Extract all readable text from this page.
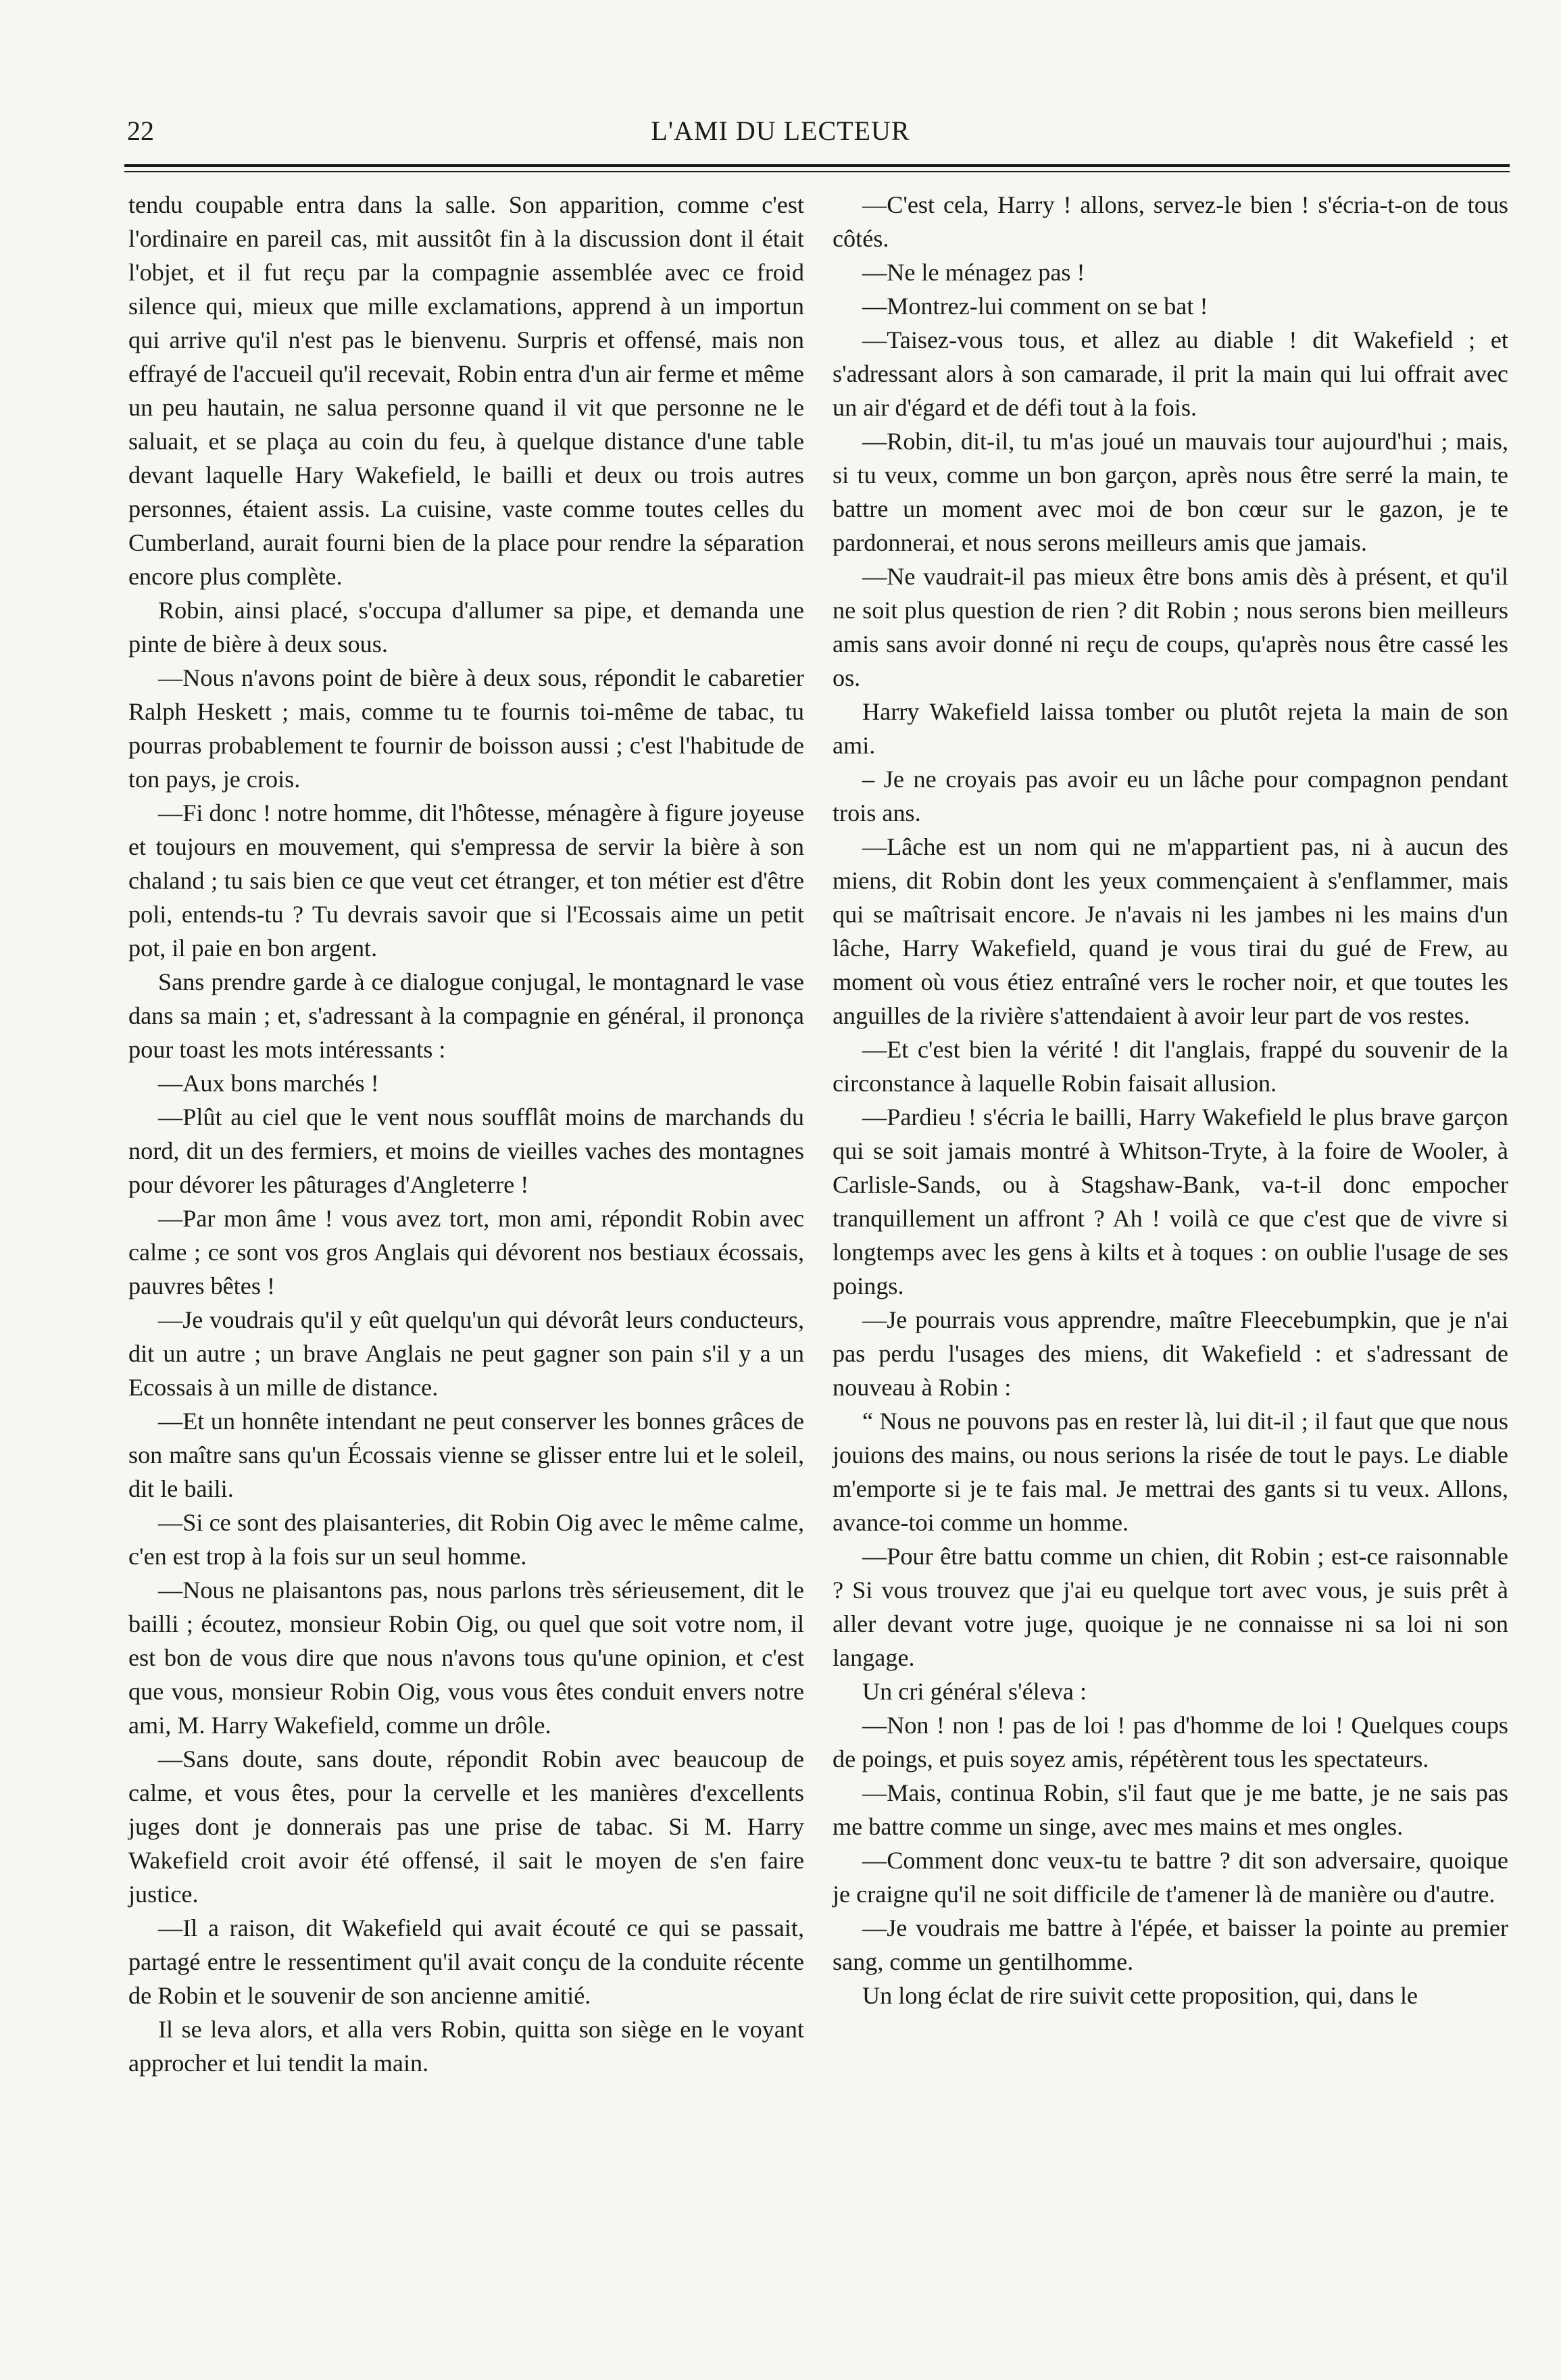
22	L'AMI DU LECTEUR

tendu coupable entra dans la salle. Son apparition, comme c'est l'ordinaire en pareil cas, mit aussitôt fin à la discussion dont il était l'objet, et il fut reçu par la compagnie assemblée avec ce froid silence qui, mieux que mille exclamations, apprend à un importun qui arrive qu'il n'est pas le bienvenu. Surpris et offensé, mais non effrayé de l'accueil qu'il recevait, Robin entra d'un air ferme et même un peu hautain, ne salua personne quand il vit que personne ne le saluait, et se plaça au coin du feu, à quelque distance d'une table devant laquelle Hary Wakefield, le bailli et deux ou trois autres personnes, étaient assis. La cuisine, vaste comme toutes celles du Cumberland, aurait fourni bien de la place pour rendre la séparation encore plus complète.

Robin, ainsi placé, s'occupa d'allumer sa pipe, et demanda une pinte de bière à deux sous.

—Nous n'avons point de bière à deux sous, répondit le cabaretier Ralph Heskett ; mais, comme tu te fournis toi-même de tabac, tu pourras probablement te fournir de boisson aussi ; c'est l'habitude de ton pays, je crois.

—Fi donc ! notre homme, dit l'hôtesse, ménagère à figure joyeuse et toujours en mouvement, qui s'empressa de servir la bière à son chaland ; tu sais bien ce que veut cet étranger, et ton métier est d'être poli, entends-tu ? Tu devrais savoir que si l'Ecossais aime un petit pot, il paie en bon argent.

Sans prendre garde à ce dialogue conjugal, le montagnard le vase dans sa main ; et, s'adressant à la compagnie en général, il prononça pour toast les mots intéressants :

—Aux bons marchés !

—Plût au ciel que le vent nous soufflât moins de marchands du nord, dit un des fermiers, et moins de vieilles vaches des montagnes pour dévorer les pâturages d'Angleterre !

—Par mon âme ! vous avez tort, mon ami, répondit Robin avec calme ; ce sont vos gros Anglais qui dévorent nos bestiaux écossais, pauvres bêtes !

—Je voudrais qu'il y eût quelqu'un qui dévorât leurs conducteurs, dit un autre ; un brave Anglais ne peut gagner son pain s'il y a un Ecossais à un mille de distance.

—Et un honnête intendant ne peut conserver les bonnes grâces de son maître sans qu'un Écossais vienne se glisser entre lui et le soleil, dit le baili.

—Si ce sont des plaisanteries, dit Robin Oig avec le même calme, c'en est trop à la fois sur un seul homme.

—Nous ne plaisantons pas, nous parlons très sérieusement, dit le bailli ; écoutez, monsieur Robin Oig, ou quel que soit votre nom, il est bon de vous dire que nous n'avons tous qu'une opinion, et c'est que vous, monsieur Robin Oig, vous vous êtes conduit envers notre ami, M. Harry Wakefield, comme un drôle.

—Sans doute, sans doute, répondit Robin avec beaucoup de calme, et vous êtes, pour la cervelle et les manières d'excellents juges dont je donnerais pas une prise de tabac. Si M. Harry Wakefield croit avoir été offensé, il sait le moyen de s'en faire justice.

—Il a raison, dit Wakefield qui avait écouté ce qui se passait, partagé entre le ressentiment qu'il avait conçu de la conduite récente de Robin et le souvenir de son ancienne amitié.

Il se leva alors, et alla vers Robin, quitta son siège en le voyant approcher et lui tendit la main.

—C'est cela, Harry ! allons, servez-le bien ! s'écria-t-on de tous côtés.

—Ne le ménagez pas !

—Montrez-lui comment on se bat !

—Taisez-vous tous, et allez au diable ! dit Wakefield ; et s'adressant alors à son camarade, il prit la main qui lui offrait avec un air d'égard et de défi tout à la fois.

—Robin, dit-il, tu m'as joué un mauvais tour aujourd'hui ; mais, si tu veux, comme un bon garçon, après nous être serré la main, te battre un moment avec moi de bon cœur sur le gazon, je te pardonnerai, et nous serons meilleurs amis que jamais.

—Ne vaudrait-il pas mieux être bons amis dès à présent, et qu'il ne soit plus question de rien ? dit Robin ; nous serons bien meilleurs amis sans avoir donné ni reçu de coups, qu'après nous être cassé les os.

Harry Wakefield laissa tomber ou plutôt rejeta la main de son ami.

– Je ne croyais pas avoir eu un lâche pour compagnon pendant trois ans.

—Lâche est un nom qui ne m'appartient pas, ni à aucun des miens, dit Robin dont les yeux commençaient à s'enflammer, mais qui se maîtrisait encore. Je n'avais ni les jambes ni les mains d'un lâche, Harry Wakefield, quand je vous tirai du gué de Frew, au moment où vous étiez entraîné vers le rocher noir, et que toutes les anguilles de la rivière s'attendaient à avoir leur part de vos restes.

—Et c'est bien la vérité ! dit l'anglais, frappé du souvenir de la circonstance à laquelle Robin faisait allusion.

—Pardieu ! s'écria le bailli, Harry Wakefield le plus brave garçon qui se soit jamais montré à Whitson-Tryte, à la foire de Wooler, à Carlisle-Sands, ou à Stagshaw-Bank, va-t-il donc empocher tranquillement un affront ? Ah ! voilà ce que c'est que de vivre si longtemps avec les gens à kilts et à toques : on oublie l'usage de ses poings.

—Je pourrais vous apprendre, maître Fleecebumpkin, que je n'ai pas perdu l'usages des miens, dit Wakefield : et s'adressant de nouveau à Robin :

“ Nous ne pouvons pas en rester là, lui dit-il ; il faut que que nous jouions des mains, ou nous serions la risée de tout le pays. Le diable m'emporte si je te fais mal. Je mettrai des gants si tu veux. Allons, avance-toi comme un homme.

—Pour être battu comme un chien, dit Robin ; est-ce raisonnable ? Si vous trouvez que j'ai eu quelque tort avec vous, je suis prêt à aller devant votre juge, quoique je ne connaisse ni sa loi ni son langage.

Un cri général s'éleva :

—Non ! non ! pas de loi ! pas d'homme de loi ! Quelques coups de poings, et puis soyez amis, répétèrent tous les spectateurs.

—Mais, continua Robin, s'il faut que je me batte, je ne sais pas me battre comme un singe, avec mes mains et mes ongles.

—Comment donc veux-tu te battre ? dit son adversaire, quoique je craigne qu'il ne soit difficile de t'amener là de manière ou d'autre.

—Je voudrais me battre à l'épée, et baisser la pointe au premier sang, comme un gentilhomme.

Un long éclat de rire suivit cette proposition, qui, dans le
